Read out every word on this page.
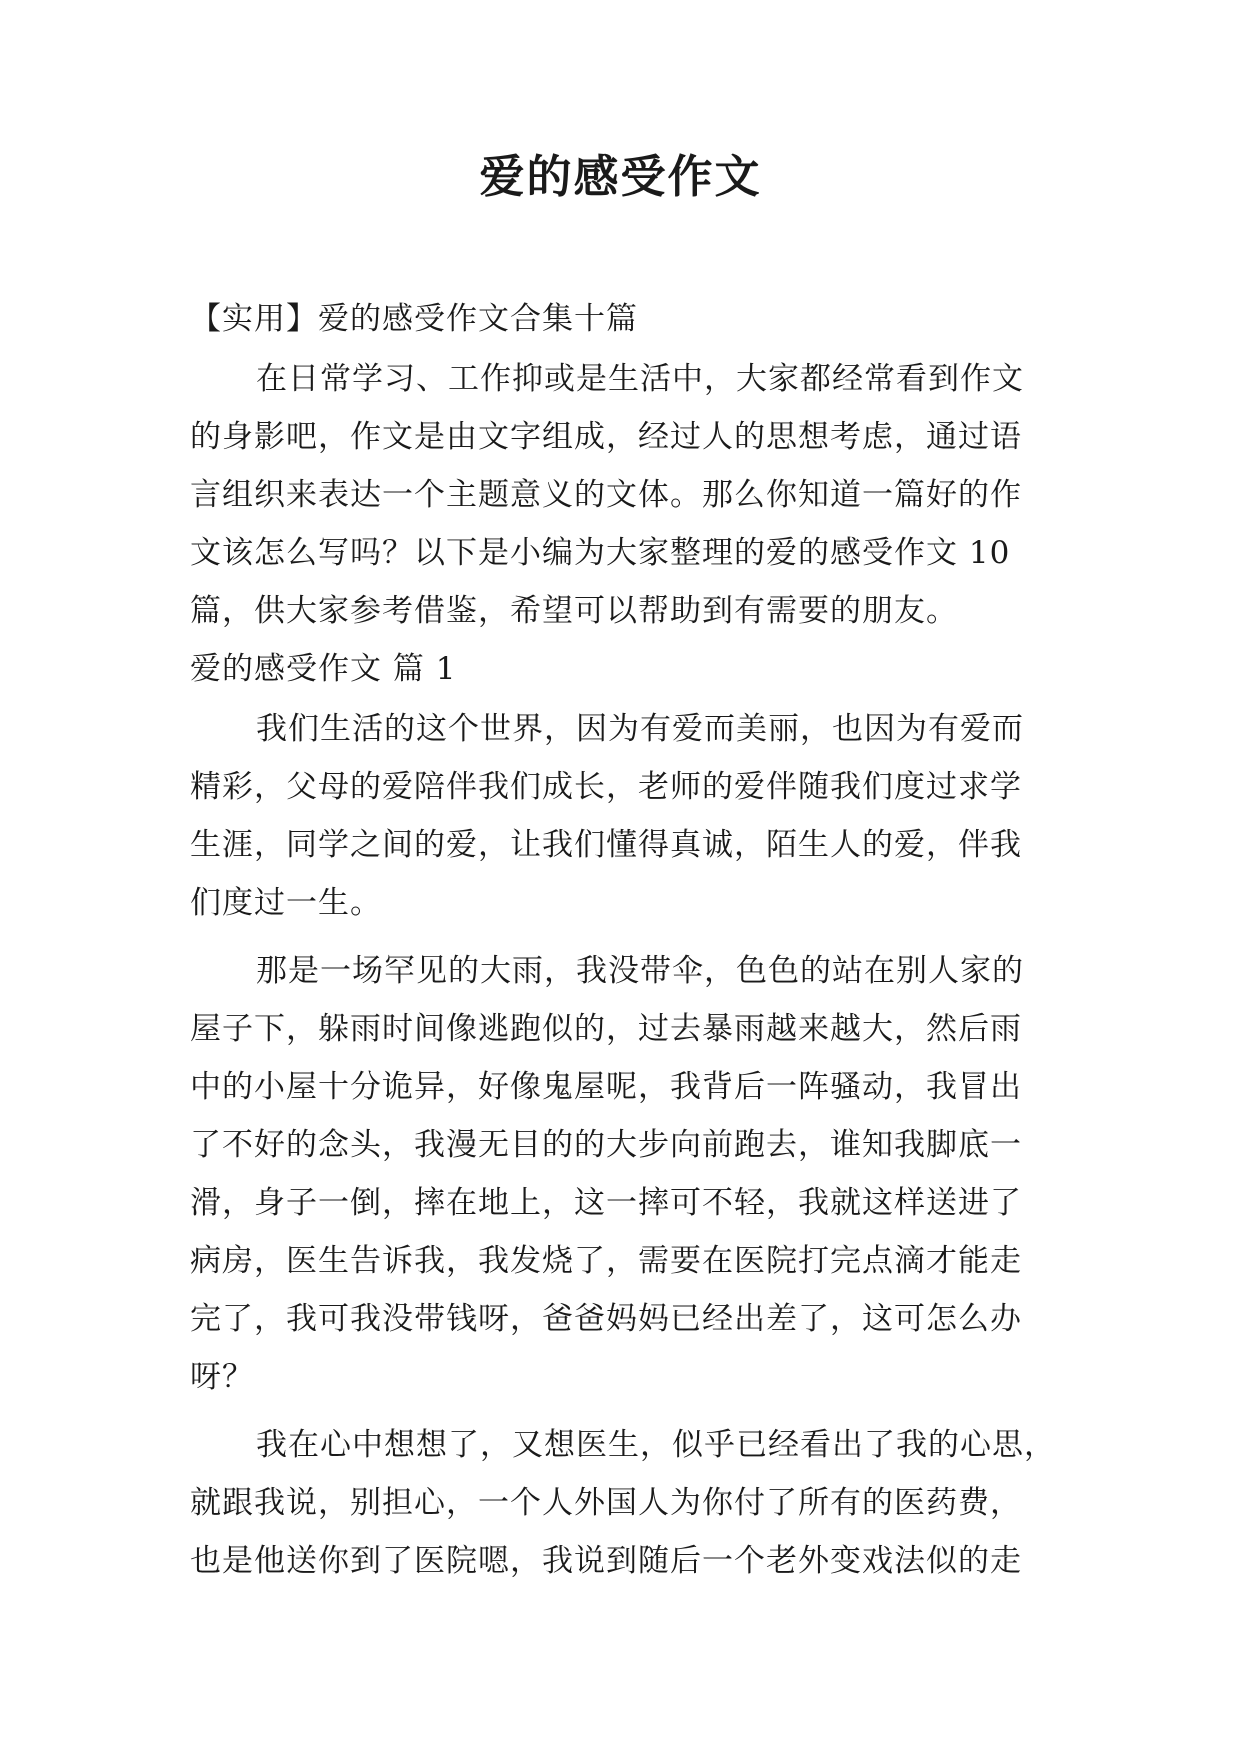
爱的感受作文

【实用】爱的感受作文合集十篇

在日常学习、工作抑或是生活中，大家都经常看到作文

的身影吧，作文是由文字组成，经过人的思想考虑，通过语

言组织来表达一个主题意义的文体。那么你知道一篇好的作

文该怎么写吗？以下是小编为大家整理的爱的感受作文 10

篇，供大家参考借鉴，希望可以帮助到有需要的朋友。

爱的感受作文 篇 1

我们生活的这个世界，因为有爱而美丽，也因为有爱而

精彩，父母的爱陪伴我们成长，老师的爱伴随我们度过求学

生涯，同学之间的爱，让我们懂得真诚，陌生人的爱，伴我

们度过一生。

那是一场罕见的大雨，我没带伞，色色的站在别人家的

屋子下，躲雨时间像逃跑似的，过去暴雨越来越大，然后雨

中的小屋十分诡异，好像鬼屋呢，我背后一阵骚动，我冒出

了不好的念头，我漫无目的的大步向前跑去，谁知我脚底一

滑，身子一倒，摔在地上，这一摔可不轻，我就这样送进了

病房，医生告诉我，我发烧了，需要在医院打完点滴才能走

完了，我可我没带钱呀，爸爸妈妈已经出差了，这可怎么办

呀？

我在心中想想了，又想医生，似乎已经看出了我的心思，

就跟我说，别担心，一个人外国人为你付了所有的医药费，

也是他送你到了医院嗯，我说到随后一个老外变戏法似的走
